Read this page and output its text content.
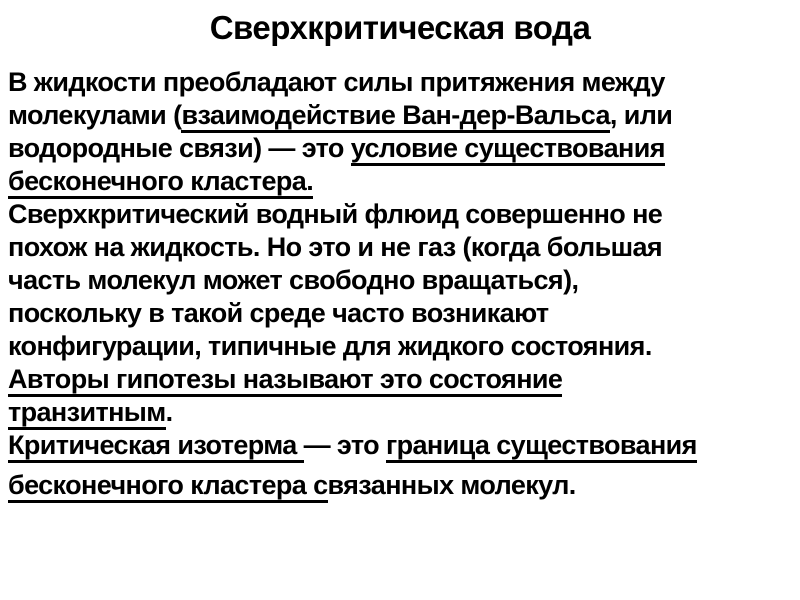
Сверхкритическая вода
В жидкости преобладают силы притяжения между
молекулами (взаимодействие Ван-дер-Вальса, или
водородные связи) — это условие существования
бесконечного кластера.
Сверхкритический водный флюид совершенно не
похож на жидкость. Но это и не газ (когда большая
часть молекул может свободно вращаться),
поскольку в такой среде часто возникают
конфигурации, типичные для жидкого состояния.
Авторы гипотезы называют это состояние
транзитным.
Критическая изотерма — это граница существования
бесконечного кластера связанных молекул.
